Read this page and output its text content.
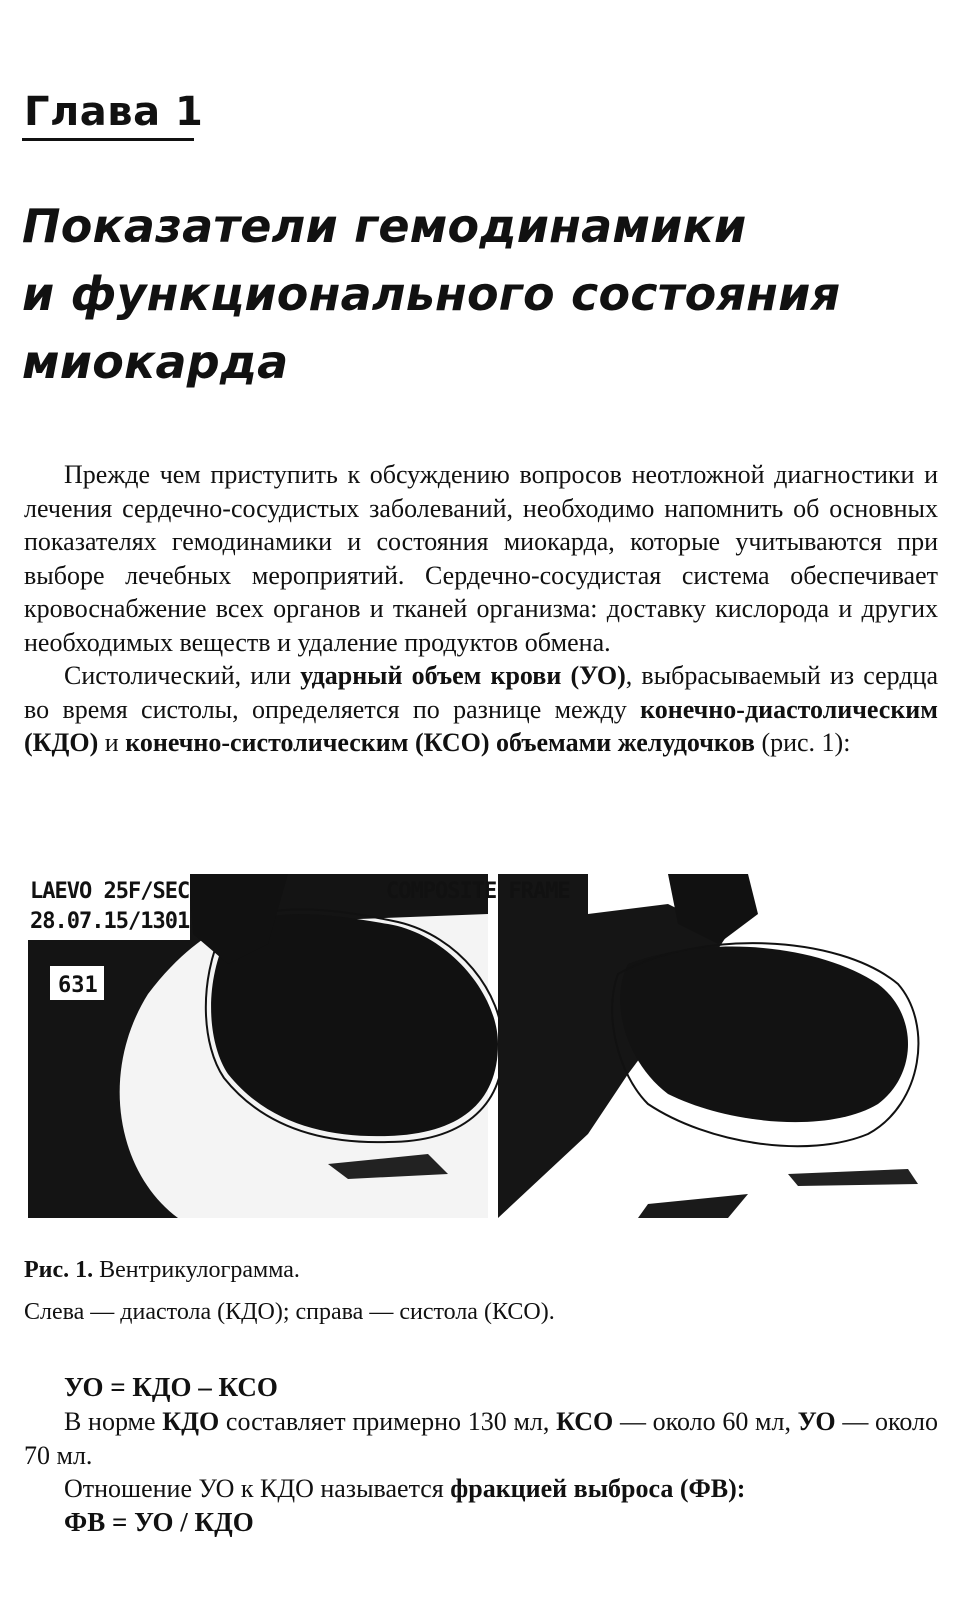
Глава 1
Показатели гемодинамики
и функционального состояния
миокарда

Прежде чем приступить к обсуждению вопросов неотложной диагностики и лечения сердечно-сосудистых заболеваний, необходимо напомнить об основных показателях гемодинамики и состояния миокарда, которые учитываются при выборе лечебных мероприятий. Сердечно-сосудистая система обеспечивает кровоснабжение всех органов и тканей организма: доставку кислорода и других необходимых веществ и удаление продуктов обмена.

Систолический, или ударный объем крови (УО), выбрасываемый из сердца во время систолы, определяется по разнице между конечно-диастолическим (КДО) и конечно-систолическим (КСО) объемами желудочков (рис. 1):

LAEVO 25F/SEC
28.07.15/1301
631
COMPOSITE FRAME
Рис. 1. Вентрикулограмма.
Слева — диастола (КДО); справа — систола (КСО).
УО = КДО – КСО

В норме КДО составляет примерно 130 мл, КСО — около 60 мл, УО — около 70 мл.

Отношение УО к КДО называется фракцией выброса (ФВ):

ФВ = УО / КДО
